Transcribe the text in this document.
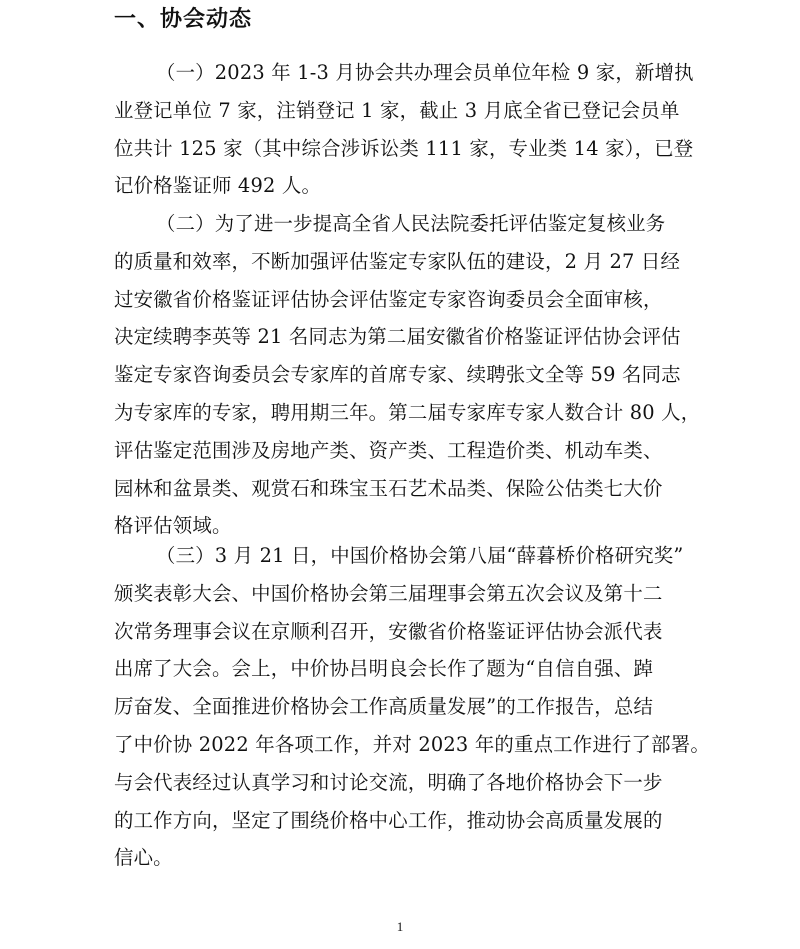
一、协会动态
（一）2023 年 1-3 月协会共办理会员单位年检 9 家，新增执
业登记单位 7 家，注销登记 1 家，截止 3 月底全省已登记会员单
位共计 125 家（其中综合涉诉讼类 111 家，专业类 14 家），已登
记价格鉴证师 492 人。
（二）为了进一步提高全省人民法院委托评估鉴定复核业务
的质量和效率，不断加强评估鉴定专家队伍的建设，2 月 27 日经
过安徽省价格鉴证评估协会评估鉴定专家咨询委员会全面审核，
决定续聘李英等 21 名同志为第二届安徽省价格鉴证评估协会评估
鉴定专家咨询委员会专家库的首席专家、续聘张文全等 59 名同志
为专家库的专家，聘用期三年。第二届专家库专家人数合计 80 人，
评估鉴定范围涉及房地产类、资产类、工程造价类、机动车类、
园林和盆景类、观赏石和珠宝玉石艺术品类、保险公估类七大价
格评估领域。
（三）3 月 21 日，中国价格协会第八届“薛暮桥价格研究奖”
颁奖表彰大会、中国价格协会第三届理事会第五次会议及第十二
次常务理事会议在京顺利召开，安徽省价格鉴证评估协会派代表
出席了大会。会上，中价协吕明良会长作了题为“自信自强、踔
厉奋发、全面推进价格协会工作高质量发展”的工作报告，总结
了中价协 2022 年各项工作，并对 2023 年的重点工作进行了部署。
与会代表经过认真学习和讨论交流，明确了各地价格协会下一步
的工作方向，坚定了围绕价格中心工作，推动协会高质量发展的
信心。
1
